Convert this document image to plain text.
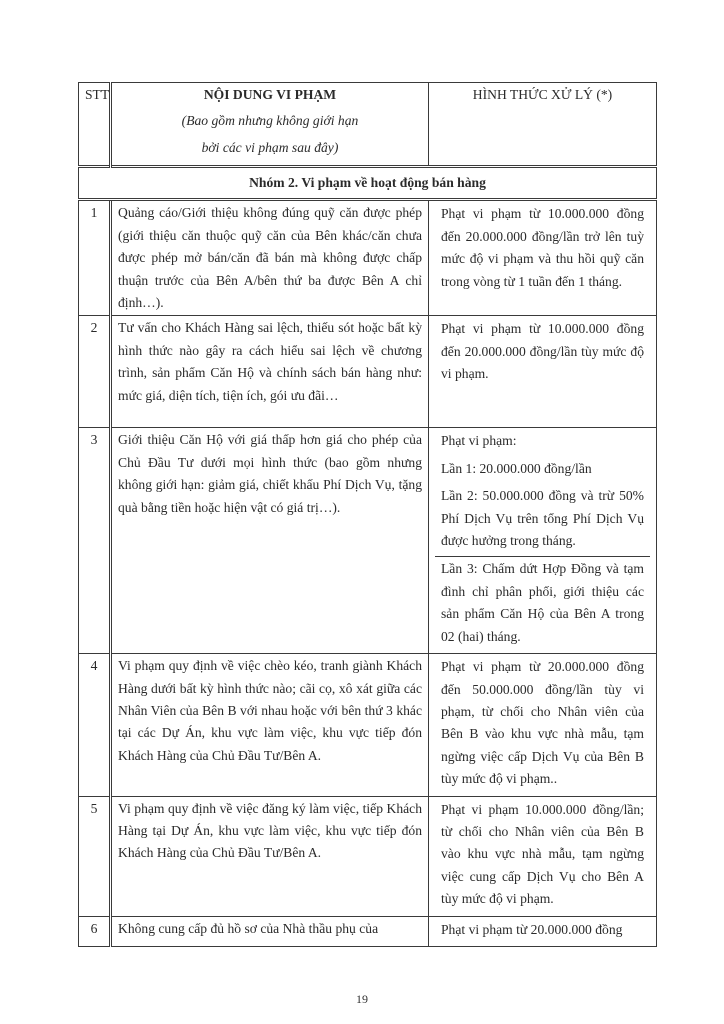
STT	NỘI DUNG VI PHẠM
(Bao gồm nhưng không giới hạn
bởi các vi phạm sau đây)	HÌNH THỨC XỬ LÝ (*)
Nhóm 2. Vi phạm về hoạt động bán hàng		
1	Quảng cáo/Giới thiệu không đúng quỹ căn được phép (giới thiệu căn thuộc quỹ căn của Bên khác/căn chưa được phép mở bán/căn đã bán mà không được chấp thuận trước của Bên A/bên thứ ba được Bên A chỉ định…).	Phạt vi phạm từ 10.000.000 đồng đến 20.000.000 đồng/lần trở lên tuỳ mức độ vi phạm và thu hồi quỹ căn trong vòng từ 1 tuần đến 1 tháng.

2	Tư vấn cho Khách Hàng sai lệch, thiếu sót hoặc bất kỳ hình thức nào gây ra cách hiểu sai lệch về chương trình, sản phẩm Căn Hộ và chính sách bán hàng như: mức giá, diện tích, tiện ích, gói ưu đãi…	Phạt vi phạm từ 10.000.000 đồng đến 20.000.000 đồng/lần tùy mức độ vi phạm.

3	Giới thiệu Căn Hộ với giá thấp hơn giá cho phép của Chủ Đầu Tư dưới mọi hình thức (bao gồm nhưng không giới hạn: giảm giá, chiết khấu Phí Dịch Vụ, tặng quà bằng tiền hoặc hiện vật có giá trị…).	Phạt vi phạm:
Lần 1: 20.000.000 đồng/lần
Lần 2: 50.000.000 đồng và trừ 50% Phí Dịch Vụ trên tổng Phí Dịch Vụ được hưởng trong tháng.
Lần 3: Chấm dứt Hợp Đồng và tạm đình chỉ phân phối, giới thiệu các sản phẩm Căn Hộ của Bên A trong 02 (hai) tháng.

4	Vi phạm quy định về việc chèo kéo, tranh giành Khách Hàng dưới bất kỳ hình thức nào; cãi cọ, xô xát giữa các Nhân Viên của Bên B với nhau hoặc với bên thứ 3 khác tại các Dự Án, khu vực làm việc, khu vực tiếp đón Khách Hàng của Chủ Đầu Tư/Bên A.	Phạt vi phạm từ 20.000.000 đồng đến 50.000.000 đồng/lần tùy vi phạm, từ chối cho Nhân viên của Bên B vào khu vực nhà mẫu, tạm ngừng việc cấp Dịch Vụ của Bên B tùy mức độ vi phạm..

5	Vi phạm quy định về việc đăng ký làm việc, tiếp Khách Hàng tại Dự Án, khu vực làm việc, khu vực tiếp đón Khách Hàng của Chủ Đầu Tư/Bên A.	Phạt vi phạm 10.000.000 đồng/lần; từ chối cho Nhân viên của Bên B vào khu vực nhà mẫu, tạm ngừng việc cung cấp Dịch Vụ cho Bên A tùy mức độ vi phạm.

6	Không cung cấp đủ hồ sơ của Nhà thầu phụ của	Phạt vi phạm từ 20.000.000 đồng
19
